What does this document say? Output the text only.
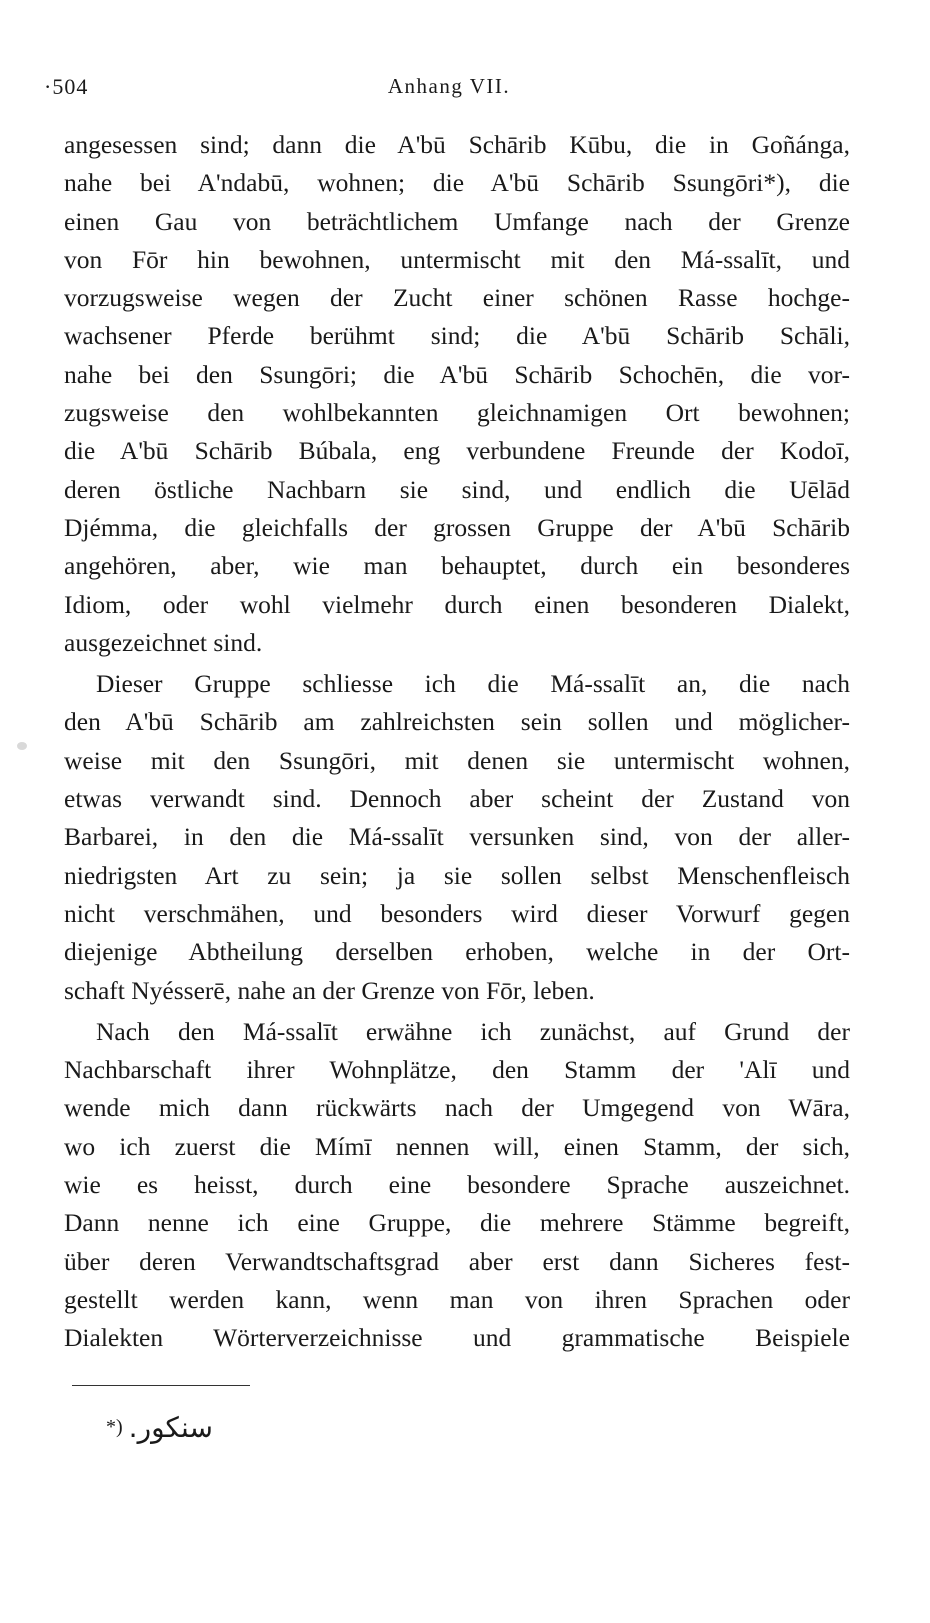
·504	Anhang VII.
angesessen sind; dann die A'bū Schārib Kūbu, die in Goñánga,
nahe bei A'ndabū, wohnen; die A'bū Schārib Ssungōri*), die
einen Gau von beträchtlichem Umfange nach der Grenze
von Fōr hin bewohnen, untermischt mit den Má-ssalīt, und
vorzugsweise wegen der Zucht einer schönen Rasse hochge-
wachsener Pferde berühmt sind; die A'bū Schārib Schāli,
nahe bei den Ssungōri; die A'bū Schārib Schochēn, die vor-
zugsweise den wohlbekannten gleichnamigen Ort bewohnen;
die A'bū Schārib Búbala, eng verbundene Freunde der Kodoī,
deren östliche Nachbarn sie sind, und endlich die Uēlād
Djémma, die gleichfalls der grossen Gruppe der A'bū Schārib
angehören, aber, wie man behauptet, durch ein besonderes
Idiom, oder wohl vielmehr durch einen besonderen Dialekt,
ausgezeichnet sind.
Dieser Gruppe schliesse ich die Má-ssalīt an, die nach
den A'bū Schārib am zahlreichsten sein sollen und möglicher-
weise mit den Ssungōri, mit denen sie untermischt wohnen,
etwas verwandt sind. Dennoch aber scheint der Zustand von
Barbarei, in den die Má-ssalīt versunken sind, von der aller-
niedrigsten Art zu sein; ja sie sollen selbst Menschenfleisch
nicht verschmähen, und besonders wird dieser Vorwurf gegen
diejenige Abtheilung derselben erhoben, welche in der Ort-
schaft Nyésserē, nahe an der Grenze von Fōr, leben.
Nach den Má-ssalīt erwähne ich zunächst, auf Grund der
Nachbarschaft ihrer Wohnplätze, den Stamm der 'Alī und
wende mich dann rückwärts nach der Umgegend von Wāra,
wo ich zuerst die Mímī nennen will, einen Stamm, der sich,
wie es heisst, durch eine besondere Sprache auszeichnet.
Dann nenne ich eine Gruppe, die mehrere Stämme begreift,
über deren Verwandtschaftsgrad aber erst dann Sicheres fest-
gestellt werden kann, wenn man von ihren Sprachen oder
Dialekten Wörterverzeichnisse und grammatische Beispiele
*) سنكور.
